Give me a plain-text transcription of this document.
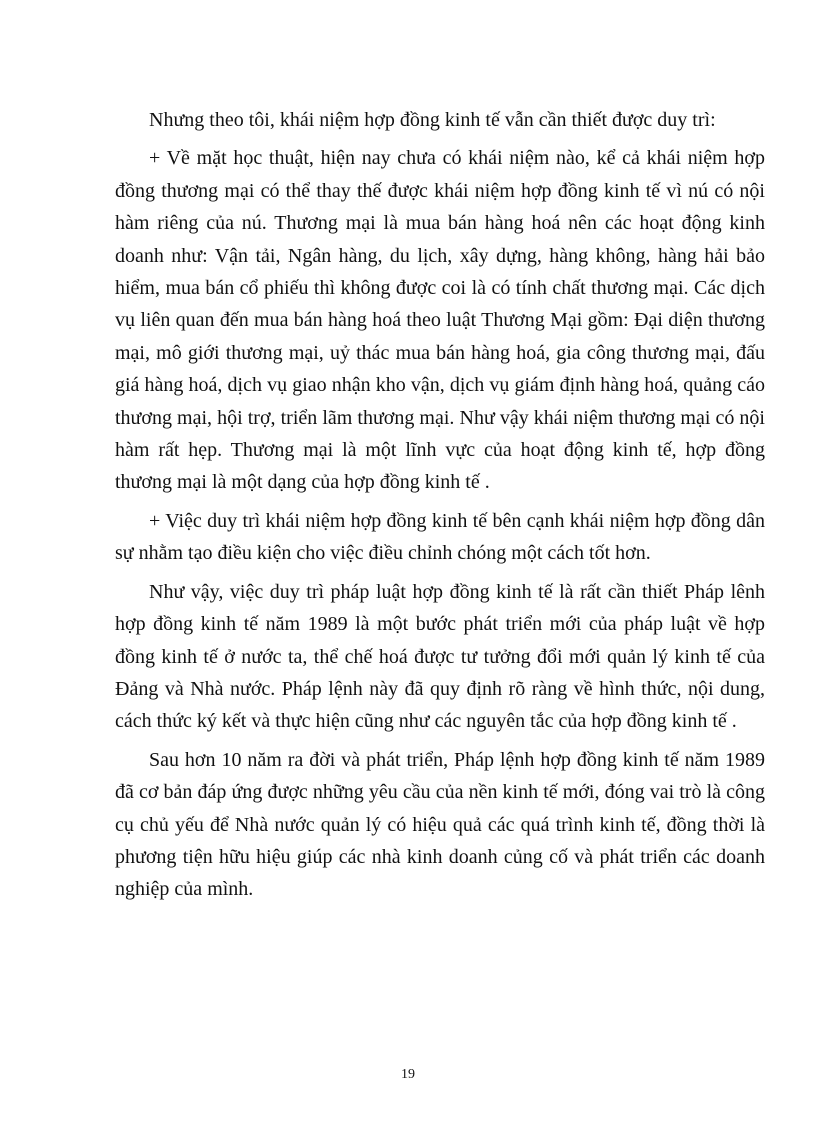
Nhưng theo tôi, khái niệm hợp đồng kinh tế vẫn cần thiết được duy trì:

+ Về mặt học thuật, hiện nay chưa có khái niệm nào, kể cả khái niệm hợp đồng thương mại có thể thay thế được khái niệm hợp đồng kinh tế vì nú có nội hàm riêng của nú. Thương mại là mua bán hàng hoá nên các hoạt động kinh doanh như: Vận tải, Ngân hàng, du lịch, xây dựng, hàng không, hàng hải bảo hiểm, mua bán cổ phiếu thì không được coi là có tính chất thương mại. Các dịch vụ liên quan đến mua bán hàng hoá theo luật Thương Mại gồm: Đại diện thương mại, mô giới thương mại, uỷ thác mua bán hàng hoá, gia công thương mại, đấu giá hàng hoá, dịch vụ giao nhận kho vận, dịch vụ giám định hàng hoá, quảng cáo thương mại, hội trợ, triển lãm thương mại. Như vậy khái niệm thương mại có nội hàm rất hẹp. Thương mại là một lĩnh vực của hoạt động kinh tế, hợp đồng thương mại là một dạng của hợp đồng kinh tế .

+ Việc duy trì khái niệm hợp đồng kinh tế bên cạnh khái niệm hợp đồng dân sự nhằm tạo điều kiện cho việc điều chỉnh chóng một cách tốt hơn.

Như vậy, việc duy trì pháp luật hợp đồng kinh tế là rất cần thiết Pháp lênh hợp đồng kinh tế năm 1989 là một bước phát triển mới của pháp luật về hợp đồng kinh tế ở nước ta, thể chế hoá được tư tưởng đổi mới quản lý kinh tế của Đảng và Nhà nước. Pháp lệnh này đã quy định rõ ràng về hình thức, nội dung, cách thức ký kết và thực hiện cũng như các nguyên tắc của hợp đồng kinh tế .

Sau hơn 10 năm ra đời và phát triển, Pháp lệnh hợp đồng kinh tế năm 1989 đã cơ bản đáp ứng được những yêu cầu của nền kinh tế mới, đóng vai trò là công cụ chủ yếu để Nhà nước quản lý có hiệu quả các quá trình kinh tế, đồng thời là phương tiện hữu hiệu giúp các nhà kinh doanh củng cố và phát triển các doanh nghiệp của mình.

19
